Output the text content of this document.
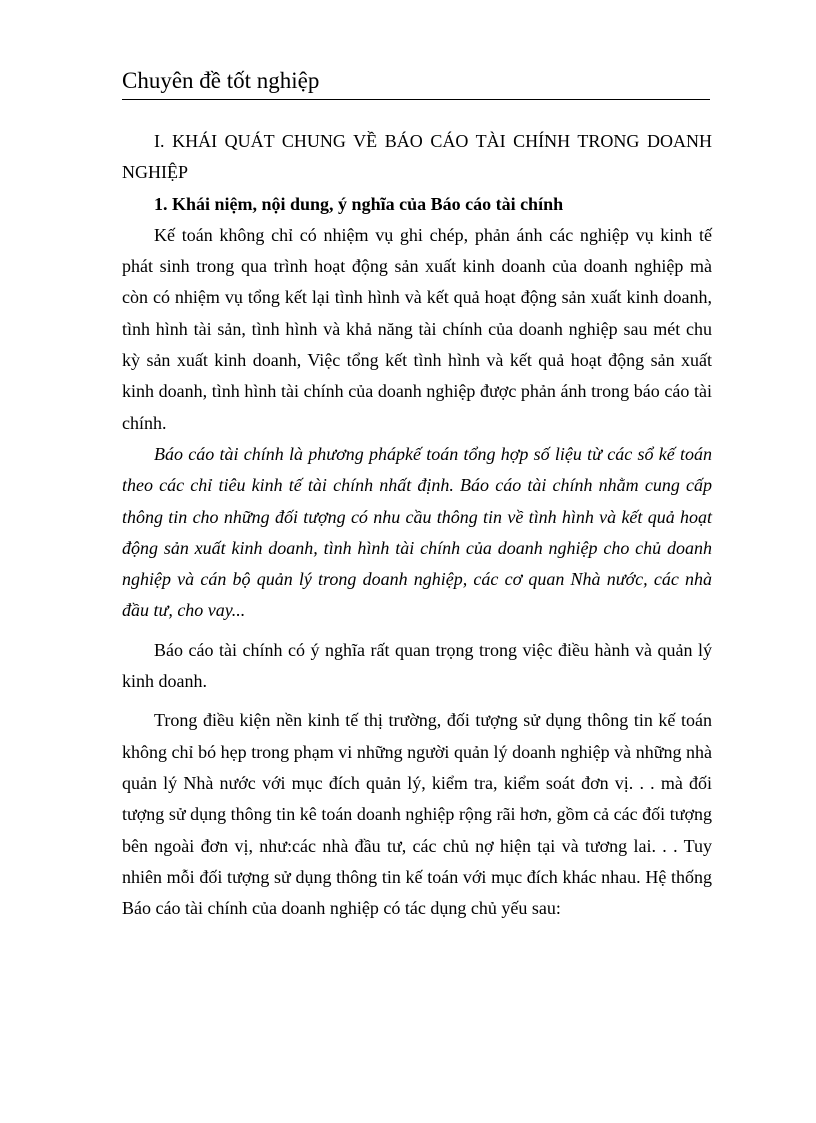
Chuyên đề tốt nghiệp

I. KHÁI QUÁT CHUNG VỀ BÁO CÁO TÀI CHÍNH TRONG DOANH NGHIỆP

1. Khái niệm, nội dung, ý nghĩa của Báo cáo tài chính

Kế toán không chỉ có nhiệm vụ ghi chép, phản ánh các nghiệp vụ kinh tế phát sinh trong qua trình hoạt động sản xuất kinh doanh của doanh nghiệp mà còn có nhiệm vụ tổng kết lại tình hình và kết quả hoạt động sản xuất kinh doanh, tình hình tài sản, tình hình và khả năng tài chính của doanh nghiệp sau mét chu kỳ sản xuất kinh doanh, Việc tổng kết tình hình và kết quả hoạt động sản xuất kinh doanh, tình hình tài chính của doanh nghiệp được phản ánh trong báo cáo tài chính.

Báo cáo tài chính là phương phápkế toán tổng hợp số liệu từ các sổ kế toán theo các chỉ tiêu kinh tế tài chính nhất định. Báo cáo tài chính nhằm cung cấp thông tin cho những đối tượng có nhu cầu thông tin về tình hình và kết quả hoạt động sản xuất kinh doanh, tình hình tài chính của doanh nghiệp cho chủ doanh nghiệp và cán bộ quản lý trong doanh nghiệp, các cơ quan Nhà nước, các nhà đầu tư, cho vay...

Báo cáo tài chính có ý nghĩa rất quan trọng trong việc điều hành và quản lý kinh doanh.

Trong điều kiện nền kinh tế thị trường, đối tượng sử dụng thông tin kế toán không chỉ bó hẹp trong phạm vi những người quản lý doanh nghiệp và những nhà quản lý Nhà nước với mục đích quản lý, kiểm tra, kiểm soát đơn vị. . . mà đối tượng sử dụng thông tin kê toán doanh nghiệp rộng rãi hơn, gồm cả các đối tượng bên ngoài đơn vị, như:các nhà đầu tư, các chủ nợ hiện tại và tương lai. . . Tuy nhiên mỗi đối tượng sử dụng thông tin kế toán với mục đích khác nhau. Hệ thống Báo cáo tài chính của doanh nghiệp có tác dụng chủ yếu sau:
